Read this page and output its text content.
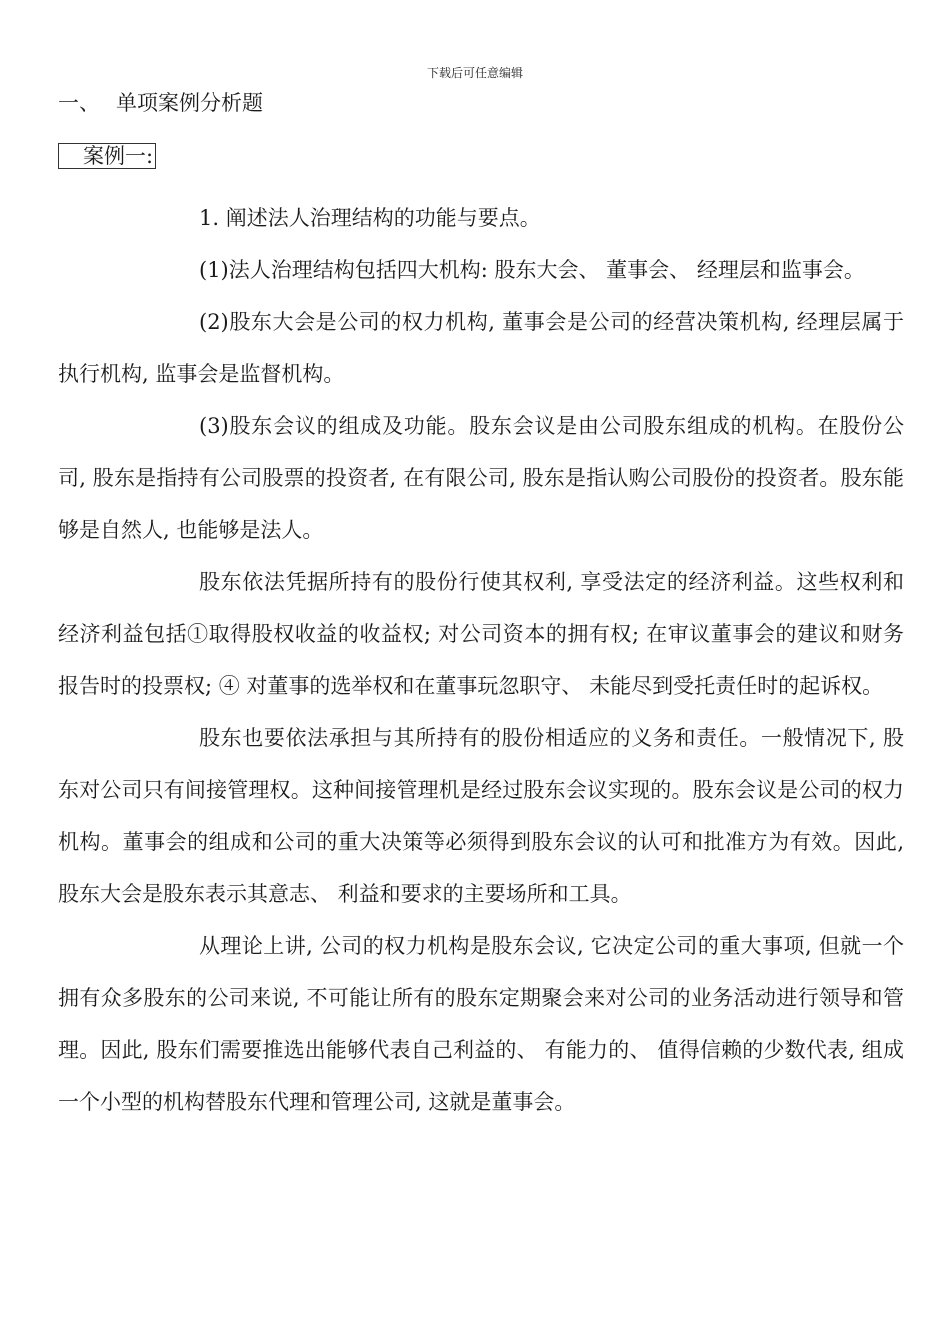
下载后可任意编辑
一、 单项案例分析题
案例一:

1. 阐述法人治理结构的功能与要点。

(1)法人治理结构包括四大机构: 股东大会、 董事会、 经理层和监事会。

(2)股东大会是公司的权力机构, 董事会是公司的经营决策机构, 经理层属于执行机构, 监事会是监督机构。

(3)股东会议的组成及功能。股东会议是由公司股东组成的机构。在股份公司, 股东是指持有公司股票的投资者, 在有限公司, 股东是指认购公司股份的投资者。股东能够是自然人, 也能够是法人。

股东依法凭据所持有的股份行使其权利, 享受法定的经济利益。这些权利和经济利益包括①取得股权收益的收益权; 对公司资本的拥有权; 在审议董事会的建议和财务报告时的投票权; ④ 对董事的选举权和在董事玩忽职守、 未能尽到受托责任时的起诉权。

股东也要依法承担与其所持有的股份相适应的义务和责任。一般情况下, 股东对公司只有间接管理权。这种间接管理机是经过股东会议实现的。股东会议是公司的权力机构。董事会的组成和公司的重大决策等必须得到股东会议的认可和批准方为有效。因此, 股东大会是股东表示其意志、 利益和要求的主要场所和工具。

从理论上讲, 公司的权力机构是股东会议, 它决定公司的重大事项, 但就一个拥有众多股东的公司来说, 不可能让所有的股东定期聚会来对公司的业务活动进行领导和管理。因此, 股东们需要推选出能够代表自己利益的、 有能力的、 值得信赖的少数代表, 组成一个小型的机构替股东代理和管理公司, 这就是董事会。
